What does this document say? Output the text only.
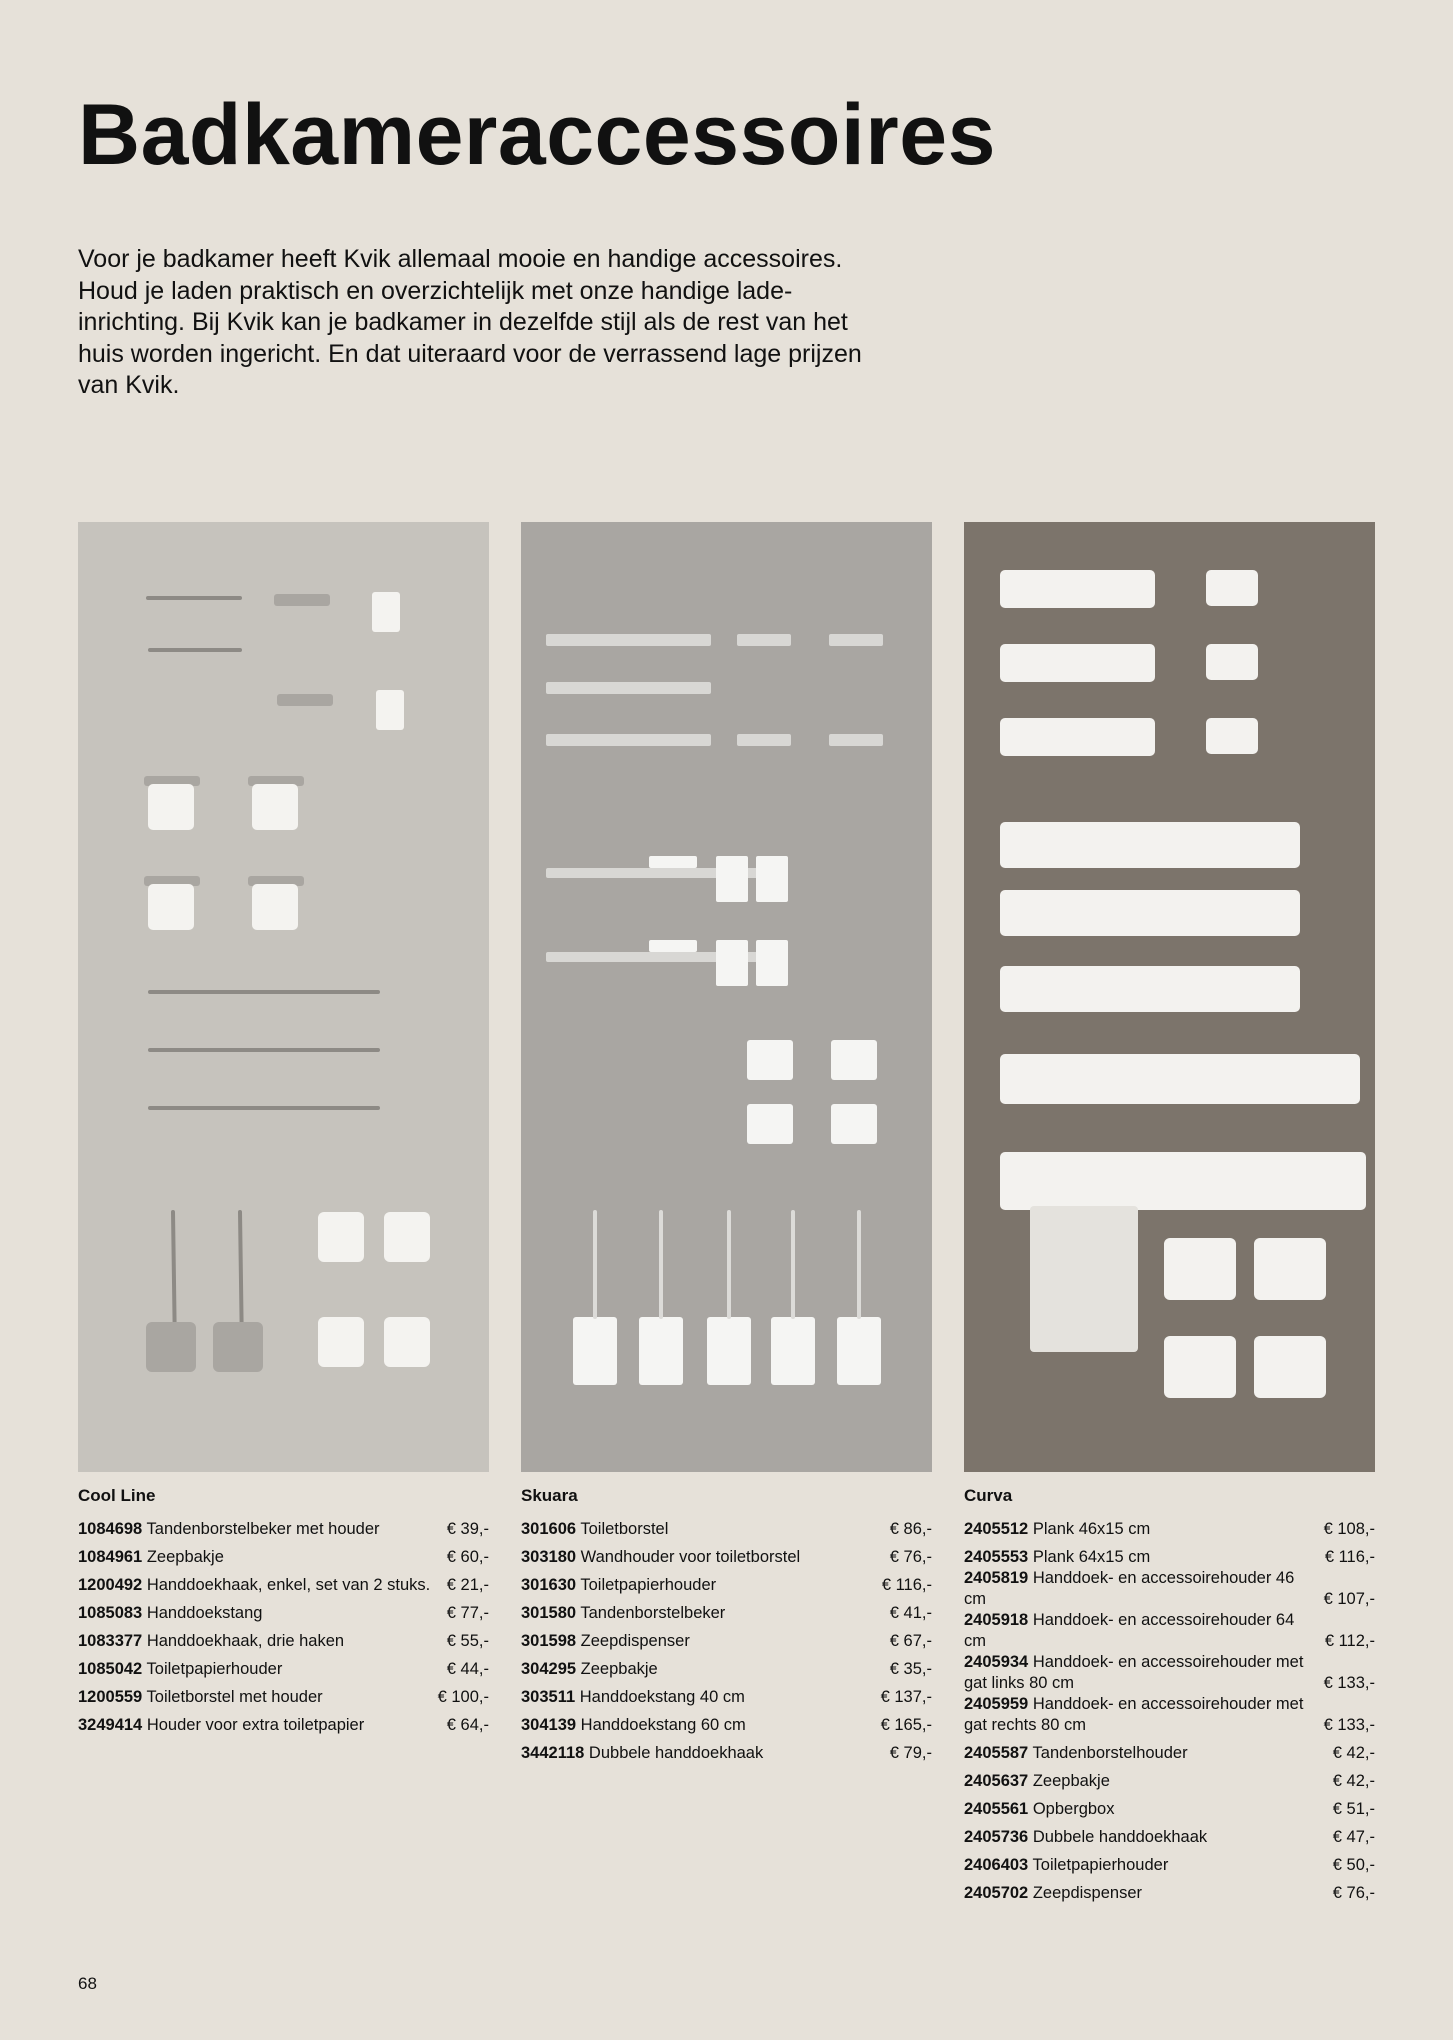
Badkameraccessoires

Voor je badkamer heeft Kvik allemaal mooie en handige accessoires. Houd je laden praktisch en overzichtelijk met onze handige lade-inrichting. Bij Kvik kan je badkamer in dezelfde stijl als de rest van het huis worden ingericht. En dat uiteraard voor de verrassend lage prijzen van Kvik.

Cool Line
1084698 Tandenborstelbeker met houder	€ 39,-
1084961 Zeepbakje	€ 60,-
1200492 Handdoekhaak, enkel, set van 2 stuks.	€ 21,-
1085083 Handdoekstang	€ 77,-
1083377 Handdoekhaak, drie haken	€ 55,-
1085042 Toiletpapierhouder	€ 44,-
1200559 Toiletborstel met houder	€ 100,-
3249414 Houder voor extra toiletpapier	€ 64,-
Skuara
301606 Toiletborstel	€ 86,-
303180 Wandhouder voor toiletborstel	€ 76,-
301630 Toiletpapierhouder	€ 116,-
301580 Tandenborstelbeker	€ 41,-
301598 Zeepdispenser	€ 67,-
304295 Zeepbakje	€ 35,-
303511 Handdoekstang 40 cm	€ 137,-
304139 Handdoekstang 60 cm	€ 165,-
3442118 Dubbele handdoekhaak	€ 79,-
Curva
2405512 Plank 46x15 cm	€ 108,-
2405553 Plank 64x15 cm	€ 116,-
2405819 Handdoek- en accessoirehouder 46 cm	€ 107,-
2405918 Handdoek- en accessoirehouder 64 cm	€ 112,-
2405934 Handdoek- en accessoirehouder met gat links 80 cm	€ 133,-
2405959 Handdoek- en accessoirehouder met gat rechts 80 cm	€ 133,-
2405587 Tandenborstelhouder	€ 42,-
2405637 Zeepbakje	€ 42,-
2405561 Opbergbox	€ 51,-
2405736 Dubbele handdoekhaak	€ 47,-
2406403 Toiletpapierhouder	€ 50,-
2405702 Zeepdispenser	€ 76,-
68
